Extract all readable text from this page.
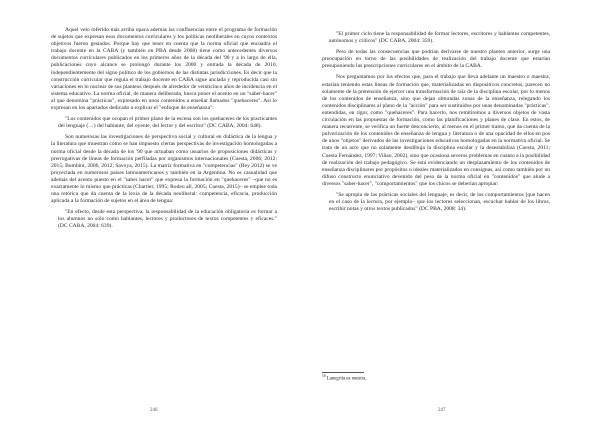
Aquel velo referido más arriba opaca además las confluencias entre el programa de formación de sujetos que expresan esos documentos curriculares y los políticas neoliberales en cuyos contextos objetivos fueron gestados. Porque hay que tener en cuenta que la norma oficial que encuadra el trabajo docente en la CABA (y también en PBA desde 2008) tiene como antecedentes diversos documentos curriculares publicados en los primeros años de la década del '90 y a lo largo de ella, publicaciones cuyo alcance se prolongó durante los 2000 y entrada la década de 2010, independientemente del signo político de los gobiernos de las distintas jurisdicciones. Es decir que la construcción curricular que regula el trabajo docente en CABA sigue anclada y reproducida casi sin variaciones en lo nuclear de sus planteos después de alrededor de veinticinco años de incidencia en el sistema educativo. La norma oficial, de manera deliberada, busca poner el acento en un "saber-hacer" al que denomina "prácticas", expresado en unos contenidos a enseñar llamados "quehaceres". Así lo expresan en los apartados dedicado a explicar el "enfoque de enseñanza":

"Los contenidos que ocupan el primer plano de la escena son los quehaceres de los practicantes del lenguaje (…) del hablante, del oyente, del lector y del escritor" (DC CABA, 2004: 648).

Son numerosas las investigaciones de perspectiva social y cultural en didáctica de la lengua y la literatura que muestran cómo se han impuesto ciertas perspectivas de investigación homologadas a norma oficial desde la década de los '90 que actuaban como usuarios de proposiciones didácticas y prerrogativas de líneas de formación perfiladas por organismos internacionales (Cuesta, 2006; 2012; 2015; Bombini, 2006, 2012; Savoya, 2015). La matriz formativa en "competencias" (Rey 2012) se ve proyectada en numerosos países latinoamericanos y también en la Argentina. No es casualidad que además del acento puesto en el "saber hacer" que expresa la formación en "quehaceres" –que no es exactamente lo mismo que prácticas (Chartier, 1995; Rodeo all, 2005; Cuesta, 2015)– se emplee toda una retórica que da cuenta de la lexia de la década neoliberal: competencia, eficacia, producción aplicada a la formación de sujetos en el área de lengua:

"En efecto, desde esta perspectiva, la responsabilidad de la educación obligatoria es formar a los alumnos no sólo como hablantes, lectores y productores de textos competentes y eficaces." (DC CABA, 2004: 639).

246

"El primer ciclo tiene la responsabilidad de formar lectores, escritores y hablantes competentes, autónomos y críticos" (DC CABA, 2004: 359).

Pero de todas las consecuencias que podrían derivarse de nuestro planteo anterior, surge una preocupación en torno de las posibilidades de realización del trabajo docente que estarían presuponiendo las prescripciones curriculares en el ámbito de la CABA.

Nos preguntamos por los efectos que, para el trabajo que lleva adelante un maestro o maestra, estarían teniendo estas líneas de formación que, materializadas en dispositivos concretos, parecen no solamente de la pretensión de ejercer una transformación de raíz de la disciplina escolar, por lo menos de los contenidos de enseñanza, sino que dejan obturadas zonas de la enseñanza, relegando los contenidos disciplinares al plano de la "acción" para ser sustituidos por unas denominadas "prácticas", entendidas, en rigor, como "quehaceres". Para hacerlo, nos remitiremos a diversos objetos de vasta circulación en las propuestas de formación, como las planificaciones y planes de clase. En estos, de manera recurrente, se verifica un fuerte desconcierto, al menos en el primer tramo, que da cuenta de la pulverización de los contenidos de enseñanza de lengua y literatura o de una opacidad de ellos en pos de unos "objetos" derivados de las investigaciones educativas homologadas en la normativa oficial. Se trata de un acto que no solamente desdibuja la disciplina escolar y la desestabiliza (Cuesta, 2011; Cuesta Fernández, 1997; Viñao, 2002), sino que ocasiona severos problemas en cuanto a la posibilidad de realización del trabajo pedagógico. Se está evidenciando un desplazamiento de los contenidos de enseñanza disciplinares por propósitos o ideales materializados en consignas, así como también por un difuso constructo enunciativo devenido del peso de la norma oficial en "contenidos" que alude a diversos "saber-hacer", "comportamientos" que los chicos se deberían apropiar:

"Se apropia de las prácticas sociales del lenguaje, es decir, de los comportamientos [que hacen en el caso de la lectura, por ejemplo– que los lectores seleccionan, escuchar hablar de los libros, escribir notas y otros textos publicados" (DC PBA, 2008: 34).

$^{16}$ Lanegrita es nuestra.
247
